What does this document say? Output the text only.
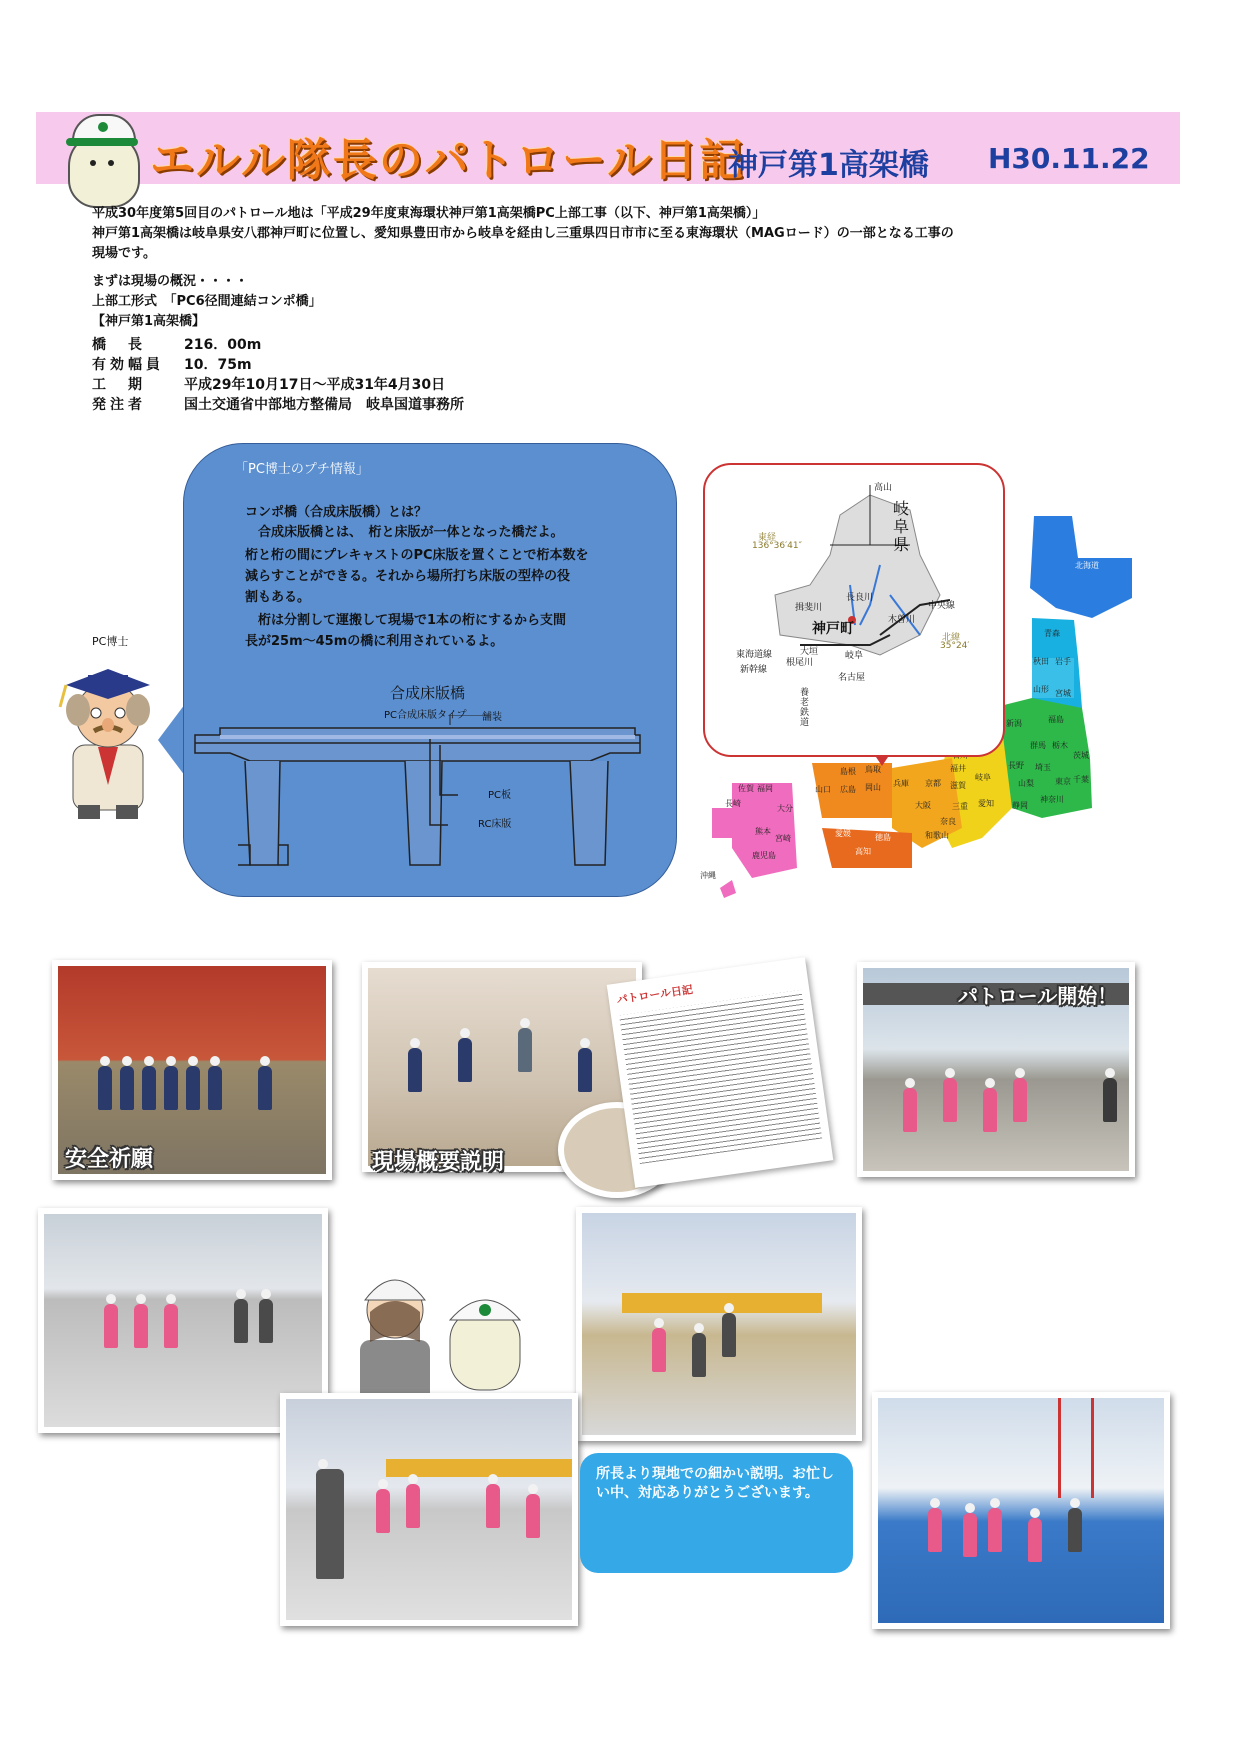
エルル隊長のパトロール日記
神戸第1高架橋 H30.11.22
平成30年度第5回目のパトロール地は「平成29年度東海環状神戸第1高架橋PC上部工事（以下、神戸第1高架橋）」
神戸第1高架橋は岐阜県安八郡神戸町に位置し、愛知県豊田市から岐阜を経由し三重県四日市市に至る東海環状（MAGロード）の一部となる工事の
現場です。
まずは現場の概況・・・・
上部工形式　「PC6径間連結コンポ橋」
【神戸第1高架橋】
橋　長	216．00m
有効幅員 10．75m
工　期	平成29年10月17日～平成31年4月30日
発注者	国土交通省中部地方整備局　岐阜国道事務所
「PC博士のプチ情報」
コンポ橋（合成床版橋）とは？
　合成床版橋とは、　桁と床版が一体となった橋だよ。
桁と桁の間にプレキャストのPC床版を置くことで桁本数を
減らすことができる。それから場所打ち床版の型枠の役
割もある。
　桁は分割して運搬して現場で1本の桁にするから支間
長が25m～45mの橋に利用されているよ。
合成床版橋
PC合成床版タイプ 舗装
PC板
RC床版
PC博士
北海道
青森
秋田 岩手
山形 宮城
福島
新潟
長野
群馬 栃木
茨城
埼玉
千葉
東京
神奈川
山梨
静岡
愛知
岐阜
福井
滋賀
三重
京都
奈良
和歌山
大阪
兵庫
鳥取
岡山
島根
広島
山口
香川
徳島
愛媛
高知
福岡
佐賀
長崎
大分
熊本
宮崎
鹿児島
沖縄
岐阜県
神戸町
東経
136°36′41″
北緯
35°24′
揖斐川
根尾川
長良川
木曽川
大垣	岐阜
名古屋
東海道線
新幹線
中央線
養老鉄道
高山
安全祈願	現場概要説明
パトロール日記	パトロール開始！
所長より現地での細かい説明。お忙しい中、対応ありがとうございます。
